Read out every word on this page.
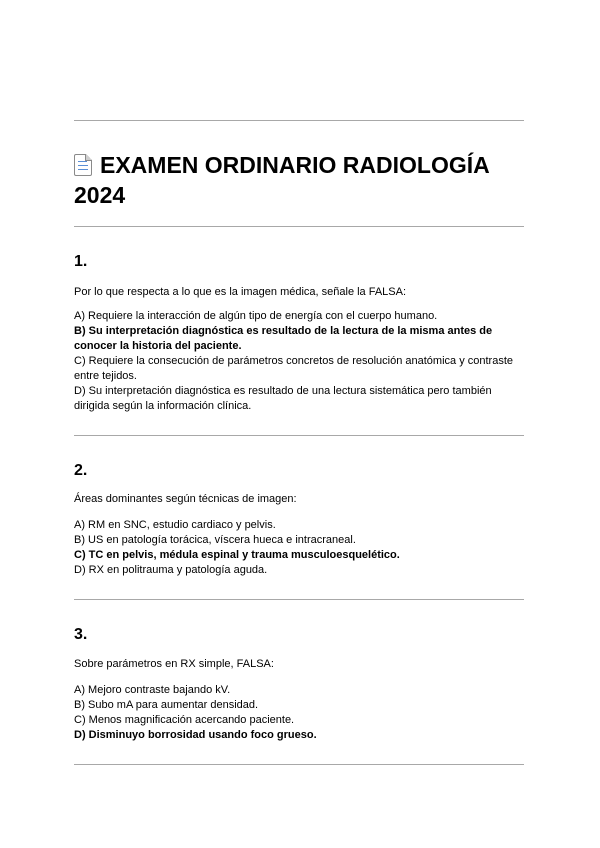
EXAMEN ORDINARIO RADIOLOGÍA

2024

1.

Por lo que respecta a lo que es la imagen médica, señale la FALSA:

A) Requiere la interacción de algún tipo de energía con el cuerpo humano.

B) Su interpretación diagnóstica es resultado de la lectura de la misma antes de

conocer la historia del paciente.

C) Requiere la consecución de parámetros concretos de resolución anatómica y contraste

entre tejidos.

D) Su interpretación diagnóstica es resultado de una lectura sistemática pero también

dirigida según la información clínica.

2.

Áreas dominantes según técnicas de imagen:

A) RM en SNC, estudio cardiaco y pelvis.

B) US en patología torácica, víscera hueca e intracraneal.

C) TC en pelvis, médula espinal y trauma musculoesquelético.

D) RX en politrauma y patología aguda.

3.

Sobre parámetros en RX simple, FALSA:

A) Mejoro contraste bajando kV.

B) Subo mA para aumentar densidad.

C) Menos magnificación acercando paciente.

D) Disminuyo borrosidad usando foco grueso.
